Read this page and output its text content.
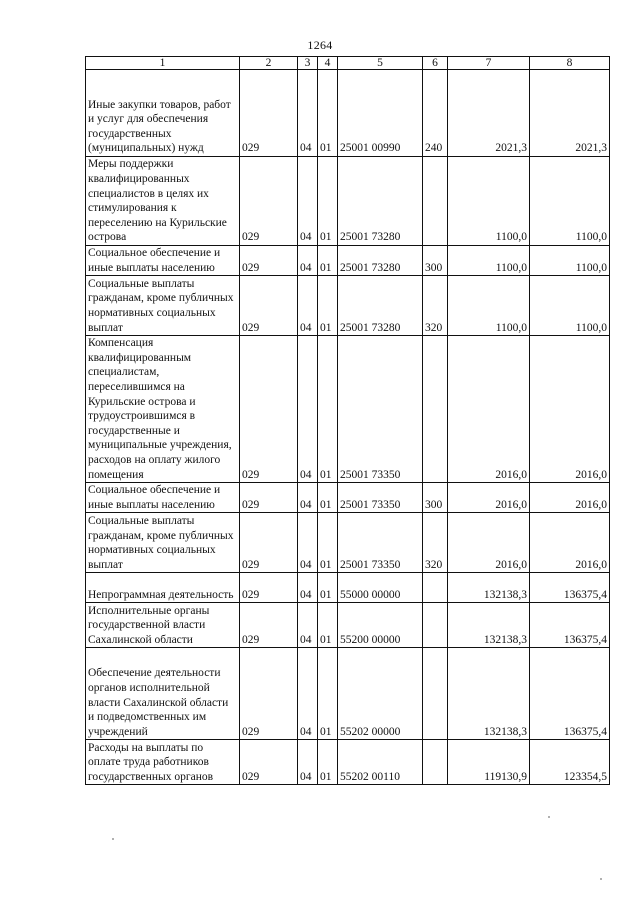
1264
1	2	3	4	5	6	7	8
Иные закупки товаров, работ и услуг для обеспечения государственных (муниципальных) нужд	029	04	01	25001 00990	240	2021,3	2021,3
Меры поддержки квалифицированных специалистов в целях их стимулирования к переселению на Курильские острова	029	04	01	25001 73280		1100,0	1100,0
Социальное обеспечение и иные выплаты населению	029	04	01	25001 73280	300	1100,0	1100,0
Социальные выплаты гражданам, кроме публичных нормативных социальных выплат	029	04	01	25001 73280	320	1100,0	1100,0
Компенсация квалифицированным специалистам, переселившимся на Курильские острова и трудоустроившимся в государственные и муниципальные учреждения, расходов на оплату жилого помещения	029	04	01	25001 73350		2016,0	2016,0
Социальное обеспечение и иные выплаты населению	029	04	01	25001 73350	300	2016,0	2016,0
Социальные выплаты гражданам, кроме публичных нормативных социальных выплат	029	04	01	25001 73350	320	2016,0	2016,0
Непрограммная деятельность	029	04	01	55000 00000		132138,3	136375,4
Исполнительные органы государственной власти Сахалинской области	029	04	01	55200 00000		132138,3	136375,4
Обеспечение деятельности органов исполнительной власти Сахалинской области и подведомственных им учреждений	029	04	01	55202 00000		132138,3	136375,4
Расходы на выплаты по оплате труда работников государственных органов	029	04	01	55202 00110		119130,9	123354,5
